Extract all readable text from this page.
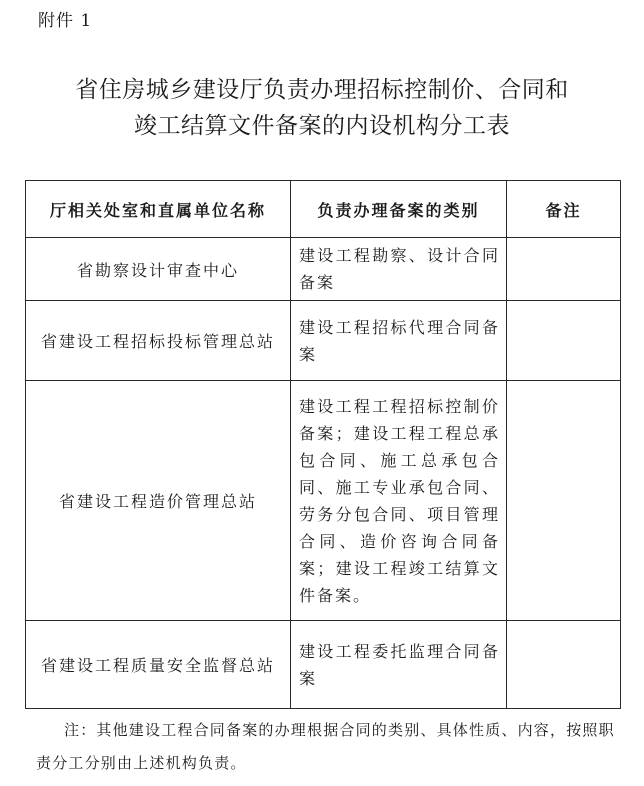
附件 1
省住房城乡建设厅负责办理招标控制价、合同和
竣工结算文件备案的内设机构分工表
厅相关处室和直属单位名称	负责办理备案的类别	备注
省勘察设计审查中心	建设工程勘察、设计合同备案	
省建设工程招标投标管理总站	建设工程招标代理合同备案	
省建设工程造价管理总站	建设工程工程招标控制价备案；建设工程工程总承包合同、施工总承包合同、施工专业承包合同、劳务分包合同、项目管理合同、造价咨询合同备案；建设工程竣工结算文件备案。	
省建设工程质量安全监督总站	建设工程委托监理合同备案	
注：其他建设工程合同备案的办理根据合同的类别、具体性质、内容，按照职责分工分别由上述机构负责。
